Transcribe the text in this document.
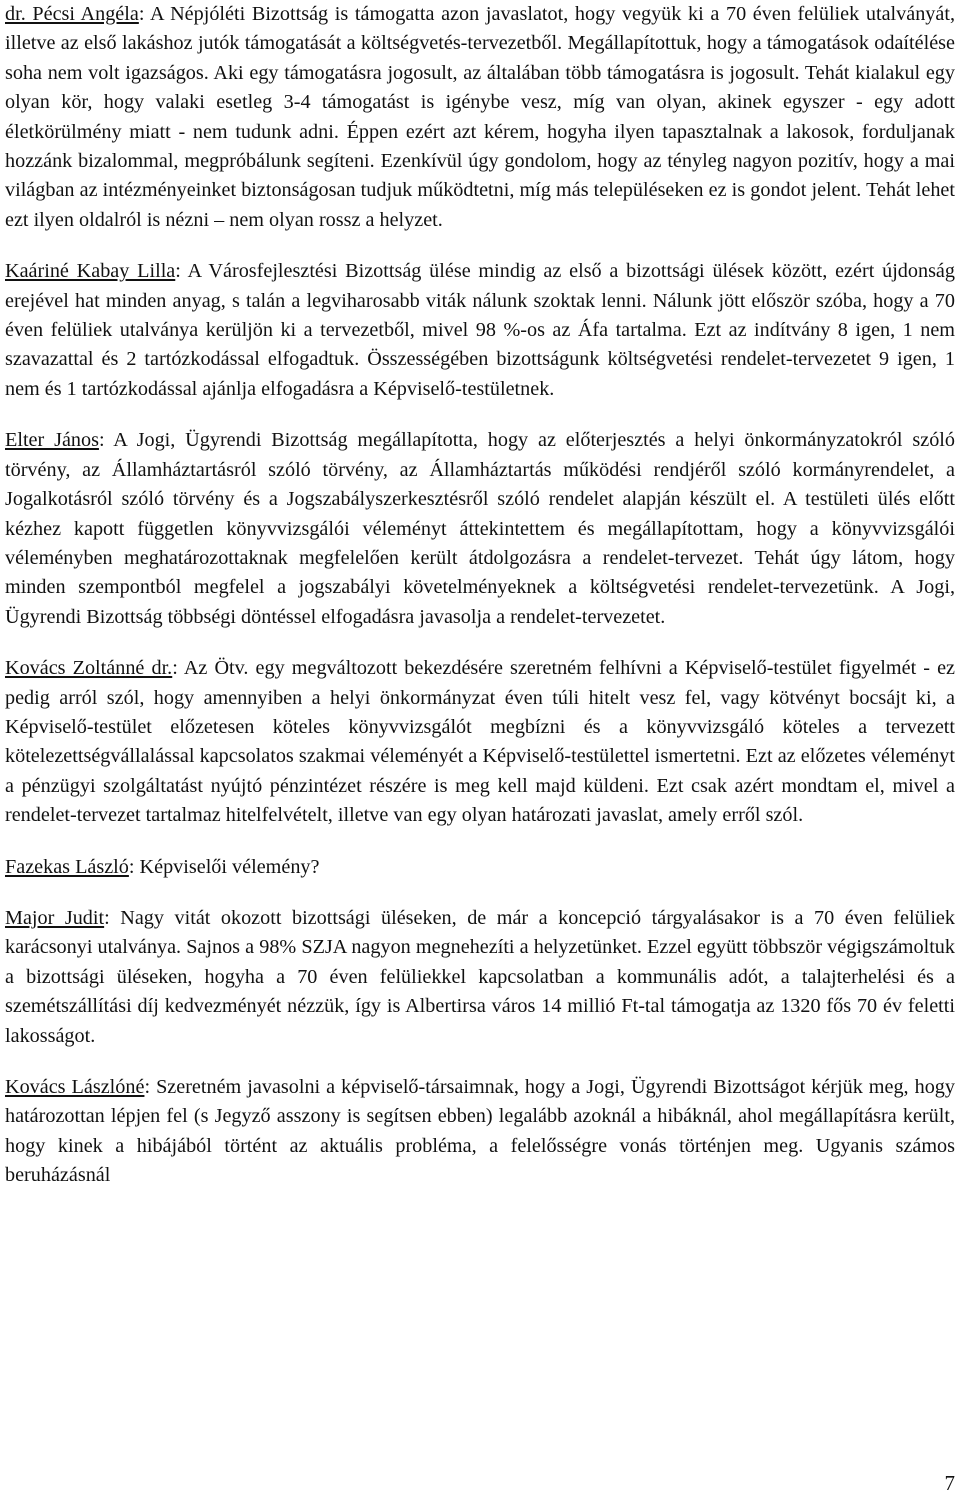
dr. Pécsi Angéla: A Népjóléti Bizottság is támogatta azon javaslatot, hogy vegyük ki a 70 éven felüliek utalványát, illetve az első lakáshoz jutók támogatását a költségvetés-tervezetből. Megállapítottuk, hogy a támogatások odaítélése soha nem volt igazságos. Aki egy támogatásra jogosult, az általában több támogatásra is jogosult. Tehát kialakul egy olyan kör, hogy valaki esetleg 3-4 támogatást is igénybe vesz, míg van olyan, akinek egyszer - egy adott életkörülmény miatt - nem tudunk adni. Éppen ezért azt kérem, hogyha ilyen tapasztalnak a lakosok, forduljanak hozzánk bizalommal, megpróbálunk segíteni. Ezenkívül úgy gondolom, hogy az tényleg nagyon pozitív, hogy a mai világban az intézményeinket biztonságosan tudjuk működtetni, míg más településeken ez is gondot jelent. Tehát lehet ezt ilyen oldalról is nézni – nem olyan rossz a helyzet.

Kaáriné Kabay Lilla: A Városfejlesztési Bizottság ülése mindig az első a bizottsági ülések között, ezért újdonság erejével hat minden anyag, s talán a legviharosabb viták nálunk szoktak lenni. Nálunk jött először szóba, hogy a 70 éven felüliek utalványa kerüljön ki a tervezetből, mivel 98 %-os az Áfa tartalma. Ezt az indítvány 8 igen, 1 nem szavazattal és 2 tartózkodással elfogadtuk. Összességében bizottságunk költségvetési rendelet-tervezetet 9 igen, 1 nem és 1 tartózkodással ajánlja elfogadásra a Képviselő-testületnek.

Elter János: A Jogi, Ügyrendi Bizottság megállapította, hogy az előterjesztés a helyi önkormányzatokról szóló törvény, az Államháztartásról szóló törvény, az Államháztartás működési rendjéről szóló kormányrendelet, a Jogalkotásról szóló törvény és a Jogszabályszerkesztésről szóló rendelet alapján készült el. A testületi ülés előtt kézhez kapott független könyvvizsgálói véleményt áttekintettem és megállapítottam, hogy a könyvvizsgálói véleményben meghatározottaknak megfelelően került átdolgozásra a rendelet-tervezet. Tehát úgy látom, hogy minden szempontból megfelel a jogszabályi követelményeknek a költségvetési rendelet-tervezetünk. A Jogi, Ügyrendi Bizottság többségi döntéssel elfogadásra javasolja a rendelet-tervezetet.

Kovács Zoltánné dr.: Az Ötv. egy megváltozott bekezdésére szeretném felhívni a Képviselő-testület figyelmét - ez pedig arról szól, hogy amennyiben a helyi önkormányzat éven túli hitelt vesz fel, vagy kötvényt bocsájt ki, a Képviselő-testület előzetesen köteles könyvvizsgálót megbízni és a könyvvizsgáló köteles a tervezett kötelezettségvállalással kapcsolatos szakmai véleményét a Képviselő-testülettel ismertetni. Ezt az előzetes véleményt a pénzügyi szolgáltatást nyújtó pénzintézet részére is meg kell majd küldeni. Ezt csak azért mondtam el, mivel a rendelet-tervezet tartalmaz hitelfelvételt, illetve van egy olyan határozati javaslat, amely erről szól.

Fazekas László: Képviselői vélemény?

Major Judit: Nagy vitát okozott bizottsági üléseken, de már a koncepció tárgyalásakor is a 70 éven felüliek karácsonyi utalványa. Sajnos a 98% SZJA nagyon megnehezíti a helyzetünket. Ezzel együtt többször végigszámoltuk a bizottsági üléseken, hogyha a 70 éven felüliekkel kapcsolatban a kommunális adót, a talajterhelési és a szemétszállítási díj kedvezményét nézzük, így is Albertirsa város 14 millió Ft-tal támogatja az 1320 fős 70 év feletti lakosságot.

Kovács Lászlóné: Szeretném javasolni a képviselő-társaimnak, hogy a Jogi, Ügyrendi Bizottságot kérjük meg, hogy határozottan lépjen fel (s Jegyző asszony is segítsen ebben) legalább azoknál a hibáknál, ahol megállapításra került, hogy kinek a hibájából történt az aktuális probléma, a felelősségre vonás történjen meg. Ugyanis számos beruházásnál

7
